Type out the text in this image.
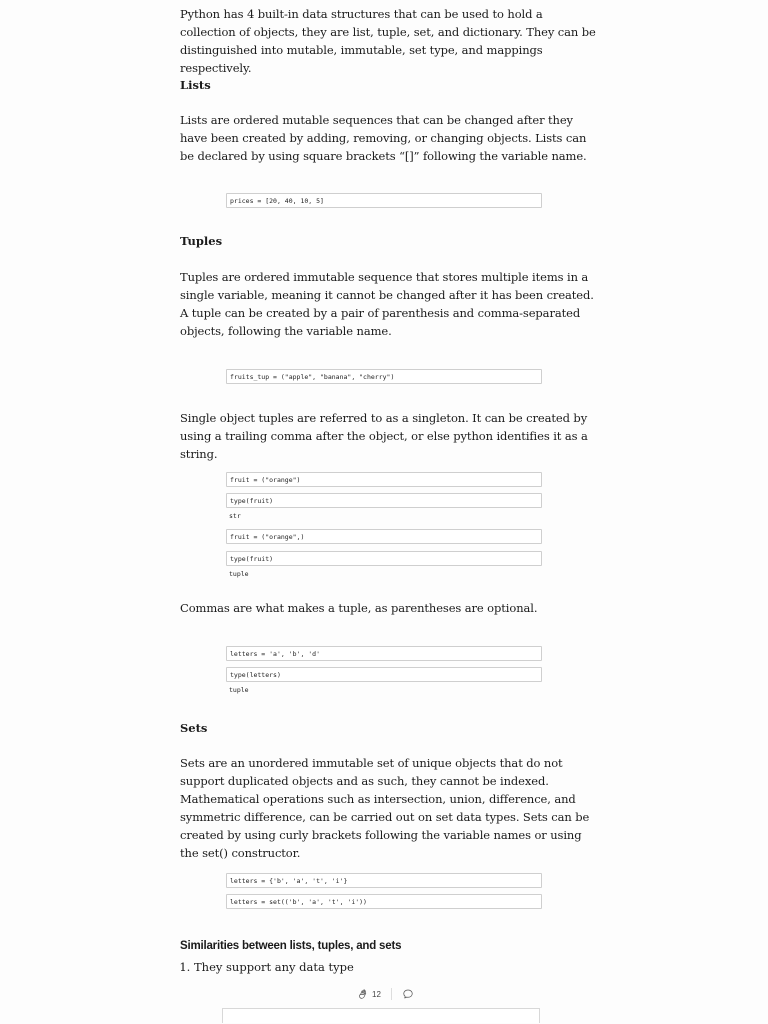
Python has 4 built-in data structures that can be used to hold a collection of objects, they are list, tuple, set, and dictionary. They can be distinguished into mutable, immutable, set type, and mappings respectively.

Lists

Lists are ordered mutable sequences that can be changed after they have been created by adding, removing, or changing objects. Lists can be declared by using square brackets “[]” following the variable name.

prices = [20, 40, 10, 5]
Tuples

Tuples are ordered immutable sequence that stores multiple items in a single variable, meaning it cannot be changed after it has been created. A tuple can be created by a pair of parenthesis and comma-separated objects, following the variable name.

fruits_tup = ("apple", "banana", "cherry")

Single object tuples are referred to as a singleton. It can be created by using a trailing comma after the object, or else python identifies it as a string.

fruit = ("orange")
type(fruit)
str
fruit = ("orange",)
type(fruit)
tuple

Commas are what makes a tuple, as parentheses are optional.

letters = 'a', 'b', 'd'
type(letters)
tuple
Sets

Sets are an unordered immutable set of unique objects that do not support duplicated objects and as such, they cannot be indexed. Mathematical operations such as intersection, union, difference, and symmetric difference, can be carried out on set data types. Sets can be created by using curly brackets following the variable names or using the set() constructor.

letters = {'b', 'a', 't', 'i'}
letters = set(('b', 'a', 't', 'i'))
Similarities between lists, tuples, and sets
1. They support any data type
12
